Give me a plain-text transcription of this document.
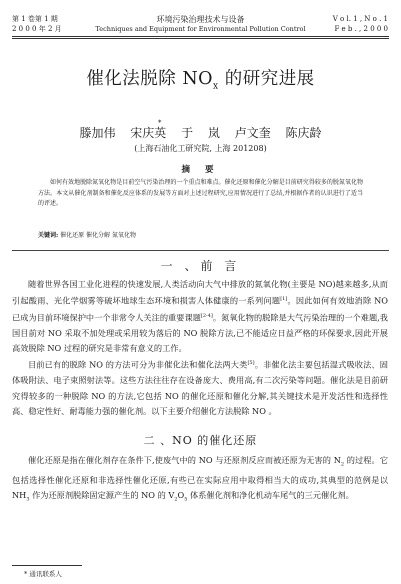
第 1 卷第 1 期
2 0 0 0 年 2 月
环境污染治理技术与设备
Techniques and Equipment for Environmental Pollution Control
V o l. 1 , N o . 1
F e b . , 2 0 0 0
催化法脱除 $NO_x$ 的研究进展
*
滕加伟 宋庆英 于 岚 卢文奎 陈庆龄
(上海石油化工研究院, 上海 201208)
摘 要

如何有效地脱除氮氧化物是目前空气污染治理的一个重点和难点。催化还原和催化分解是目前研究得较多的脱氮氧化物方法。本文从催化剂制备和催化反应体系的发展等方面对上述过程研究,应用情况进行了总结,并根据作者的认识进行了适当的评述。

关键词: 催化还原 催化分解 氮氧化物
一 、前 言

随着世界各国工业化进程的快速发展,人类活动向大气中排放的氮氧化物(主要是 NO)越来越多,从而引起酸雨、光化学烟雾等破坏地球生态环境和损害人体健康的一系列问题[1]。因此如何有效地消除 NO 已成为目前环境保护中一个非常令人关注的重要课题[2-4]。氮氧化物的脱除是大气污染治理的一个难题,我国目前对 NO 采取不加处理或采用较为落后的 NO 脱除方法,已不能适应日益严格的环保要求,因此开展高效脱除 NO 过程的研究是非常有意义的工作。

目前已有的脱除 NO 的方法可分为非催化法和催化法两大类[5]。非催化法主要包括湿式吸收法、固体吸附法、电子束照射法等。这些方法往往存在设备庞大、费用高,有二次污染等问题。催化法是目前研究得较多的一种脱除 NO 的方法,它包括 NO 的催化还原和催化分解,其关键技术是开发活性和选择性高、稳定性好、耐毒能力强的催化剂。以下主要介绍催化方法脱除 NO 。

二 、NO 的催化还原

催化还原是指在催化剂存在条件下,使废气中的 NO 与还原剂反应而被还原为无害的 $N_2$ 的过程。它包括选择性催化还原和非选择性催化还原,有些已在实际应用中取得相当大的成功,其典型的范例是以 $NH_3$ 作为还原剂脱除固定源产生的 NO 的 $V_2O_5$ 体系催化剂和净化机动车尾气的三元催化剂。

* 通讯联系人
